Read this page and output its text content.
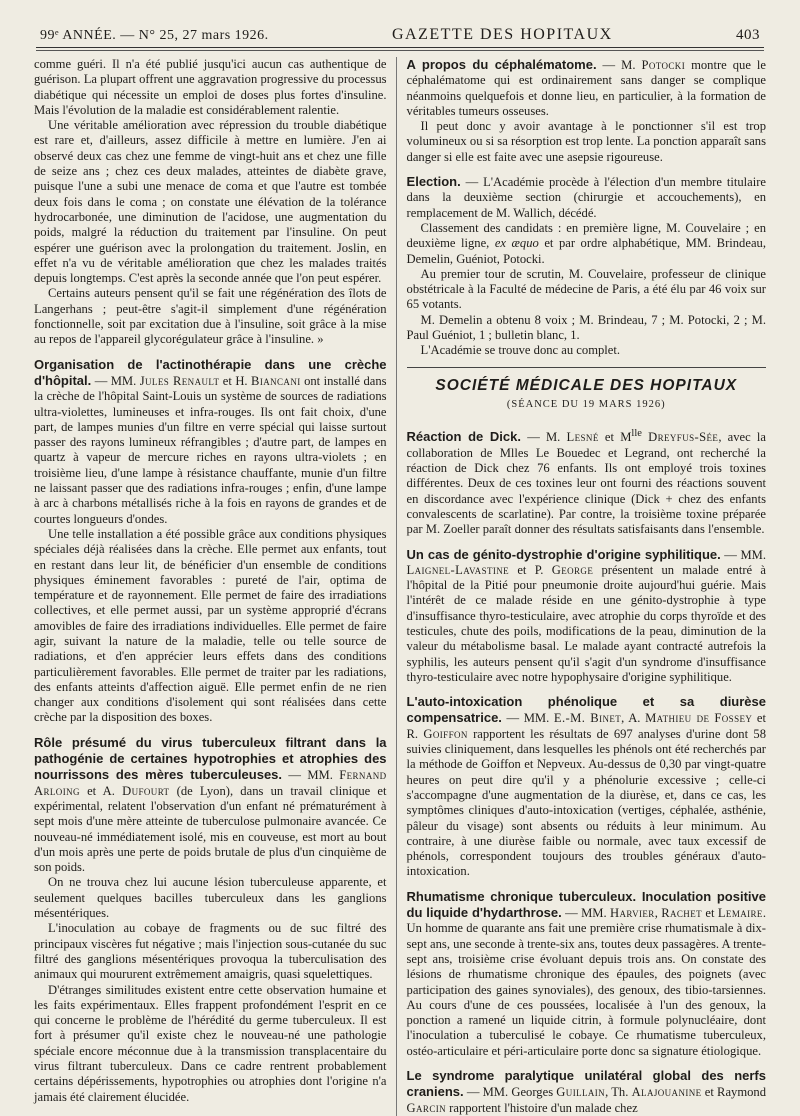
99ᵉ ANNÉE. — N° 25, 27 mars 1926.	GAZETTE DES HOPITAUX	403

comme guéri. Il n'a été publié jusqu'ici aucun cas authentique de guérison. La plupart offrent une aggravation progressive du processus diabétique qui nécessite un emploi de doses plus fortes d'insuline. Mais l'évolution de la maladie est considérablement ralentie.

Une véritable amélioration avec répression du trouble diabétique est rare et, d'ailleurs, assez difficile à mettre en lumière. J'en ai observé deux cas chez une femme de vingt-huit ans et chez une fille de seize ans ; chez ces deux malades, atteintes de diabète grave, puisque l'une a subi une menace de coma et que l'autre est tombée deux fois dans le coma ; on constate une élévation de la tolérance hydrocarbonée, une diminution de l'acidose, une augmentation du poids, malgré la réduction du traitement par l'insuline. On peut espérer une guérison avec la prolongation du traitement. Joslin, en effet n'a vu de véritable amélioration que chez les malades traités depuis longtemps. C'est après la seconde année que l'on peut espérer.

Certains auteurs pensent qu'il se fait une régénération des îlots de Langerhans ; peut-être s'agit-il simplement d'une régénération fonctionnelle, soit par excitation due à l'insuline, soit grâce à la mise au repos de l'appareil glycorégulateur grâce à l'insuline. »

Organisation de l'actinothérapie dans une crèche d'hôpital. — MM. Jules Renault et H. Biancani ont installé dans la crèche de l'hôpital Saint-Louis un système de sources de radiations ultra-violettes, lumineuses et infra-rouges. Ils ont fait choix, d'une part, de lampes munies d'un filtre en verre spécial qui laisse surtout passer des rayons lumineux réfrangibles ; d'autre part, de lampes en quartz à vapeur de mercure riches en rayons ultra-violets ; en troisième lieu, d'une lampe à résistance chauffante, munie d'un filtre ne laissant passer que des radiations infra-rouges ; enfin, d'une lampe à arc à charbons métallisés riche à la fois en rayons de grandes et de courtes longueurs d'ondes.

Une telle installation a été possible grâce aux conditions physiques spéciales déjà réalisées dans la crèche. Elle permet aux enfants, tout en restant dans leur lit, de bénéficier d'un ensemble de conditions physiques éminement favorables : pureté de l'air, optima de température et de rayonnement. Elle permet de faire des irradiations collectives, et elle permet aussi, par un système approprié d'écrans amovibles de faire des irradiations individuelles. Elle permet de faire agir, suivant la nature de la maladie, telle ou telle source de radiations, et d'en apprécier leurs effets dans des conditions particulièrement favorables. Elle permet de traiter par les radiations, des enfants atteints d'affection aiguë. Elle permet enfin de ne rien changer aux conditions d'isolement qui sont réalisées dans cette crèche par la disposition des boxes.

Rôle présumé du virus tuberculeux filtrant dans la pathogénie de certaines hypotrophies et atrophies des nourrissons des mères tuberculeuses. — MM. Fernand Arloing et A. Dufourt (de Lyon), dans un travail clinique et expérimental, relatent l'observation d'un enfant né prématurément à sept mois d'une mère atteinte de tuberculose pulmonaire avancée. Ce nouveau-né immédiatement isolé, mis en couveuse, est mort au bout d'un mois après une perte de poids brutale de plus d'un cinquième de son poids.

On ne trouva chez lui aucune lésion tuberculeuse apparente, et seulement quelques bacilles tuberculeux dans les ganglions mésentériques.

L'inoculation au cobaye de fragments ou de suc filtré des principaux viscères fut négative ; mais l'injection sous-cutanée du suc filtré des ganglions mésentériques provoqua la tuberculisation des animaux qui moururent extrêmement amaigris, quasi squelettiques.

D'étranges similitudes existent entre cette observation humaine et les faits expérimentaux. Elles frappent profondément l'esprit en ce qui concerne le problème de l'hérédité du germe tuberculeux. Il est fort à présumer qu'il existe chez le nouveau-né une pathologie spéciale encore méconnue due à la transmission transplacentaire du virus filtrant tuberculeux. Dans ce cadre rentrent probablement certains dépérissements, hypotrophies ou atrophies dont l'origine n'a jamais été clairement élucidée.

A propos du céphalématome. — M. Potocki montre que le céphalématome qui est ordinairement sans danger se complique néanmoins quelquefois et donne lieu, en particulier, à la formation de véritables tumeurs osseuses.

Il peut donc y avoir avantage à le ponctionner s'il est trop volumineux ou si sa résorption est trop lente. La ponction apparaît sans danger si elle est faite avec une asepsie rigoureuse.

Election. — L'Académie procède à l'élection d'un membre titulaire dans la deuxième section (chirurgie et accouchements), en remplacement de M. Wallich, décédé.

Classement des candidats : en première ligne, M. Couvelaire ; en deuxième ligne, ex æquo et par ordre alphabétique, MM. Brindeau, Demelin, Guéniot, Potocki.

Au premier tour de scrutin, M. Couvelaire, professeur de clinique obstétricale à la Faculté de médecine de Paris, a été élu par 46 voix sur 65 votants.

M. Demelin a obtenu 8 voix ; M. Brindeau, 7 ; M. Potocki, 2 ; M. Paul Guéniot, 1 ; bulletin blanc, 1.

L'Académie se trouve donc au complet.

SOCIÉTÉ MÉDICALE DES HOPITAUX
(SÉANCE DU 19 MARS 1926)

Réaction de Dick. — M. Lesné et $M^{lle}$ Dreyfus-Sée, avec la collaboration de Mlles Le Bouedec et Legrand, ont recherché la réaction de Dick chez 76 enfants. Ils ont employé trois toxines différentes. Deux de ces toxines leur ont fourni des réactions souvent en discordance avec l'expérience clinique (Dick + chez des enfants convalescents de scarlatine). Par contre, la troisième toxine préparée par M. Zoeller paraît donner des résultats satisfaisants dans l'ensemble.

Un cas de génito-dystrophie d'origine syphilitique. — MM. Laignel-Lavastine et P. George présentent un malade entré à l'hôpital de la Pitié pour pneumonie droite aujourd'hui guérie. Mais l'intérêt de ce malade réside en une génito-dystrophie à type d'insuffisance thyro-testiculaire, avec atrophie du corps thyroïde et des testicules, chute des poils, modifications de la peau, diminution de la valeur du métabolisme basal. Le malade ayant contracté autrefois la syphilis, les auteurs pensent qu'il s'agit d'un syndrome d'insuffisance thyro-testiculaire avec notre hypophysaire d'origine syphilitique.

L'auto-intoxication phénolique et sa diurèse compensatrice. — MM. E.-M. Binet, A. Mathieu de Fossey et R. Goiffon rapportent les résultats de 697 analyses d'urine dont 58 suivies cliniquement, dans lesquelles les phénols ont été recherchés par la méthode de Goiffon et Nepveux. Au-dessus de 0,30 par vingt-quatre heures on peut dire qu'il y a phénolurie excessive ; celle-ci s'accompagne d'une augmentation de la diurèse, et, dans ce cas, les symptômes cliniques d'auto-intoxication (vertiges, céphalée, asthénie, pâleur du visage) sont absents ou réduits à leur minimum. Au contraire, à une diurèse faible ou normale, avec taux excessif de phénols, correspondent toujours des troubles généraux d'auto-intoxication.

Rhumatisme chronique tuberculeux. Inoculation positive du liquide d'hydarthrose. — MM. Harvier, Rachet et Lemaire. Un homme de quarante ans fait une première crise rhumatismale à dix-sept ans, une seconde à trente-six ans, toutes deux passagères. A trente-sept ans, troisième crise évoluant depuis trois ans. On constate des lésions de rhumatisme chronique des épaules, des poignets (avec participation des gaines synoviales), des genoux, des tibio-tarsiennes. Au cours d'une de ces poussées, localisée à l'un des genoux, la ponction a ramené un liquide citrin, à formule polynucléaire, dont l'inoculation a tuberculisé le cobaye. Ce rhumatisme tuberculeux, ostéo-articulaire et péri-articulaire porte donc sa signature étiologique.

Le syndrome paralytique unilatéral global des nerfs craniens. — MM. Georges Guillain, Th. Alajouanine et Raymond Garcin rapportent l'histoire d'un malade chez
